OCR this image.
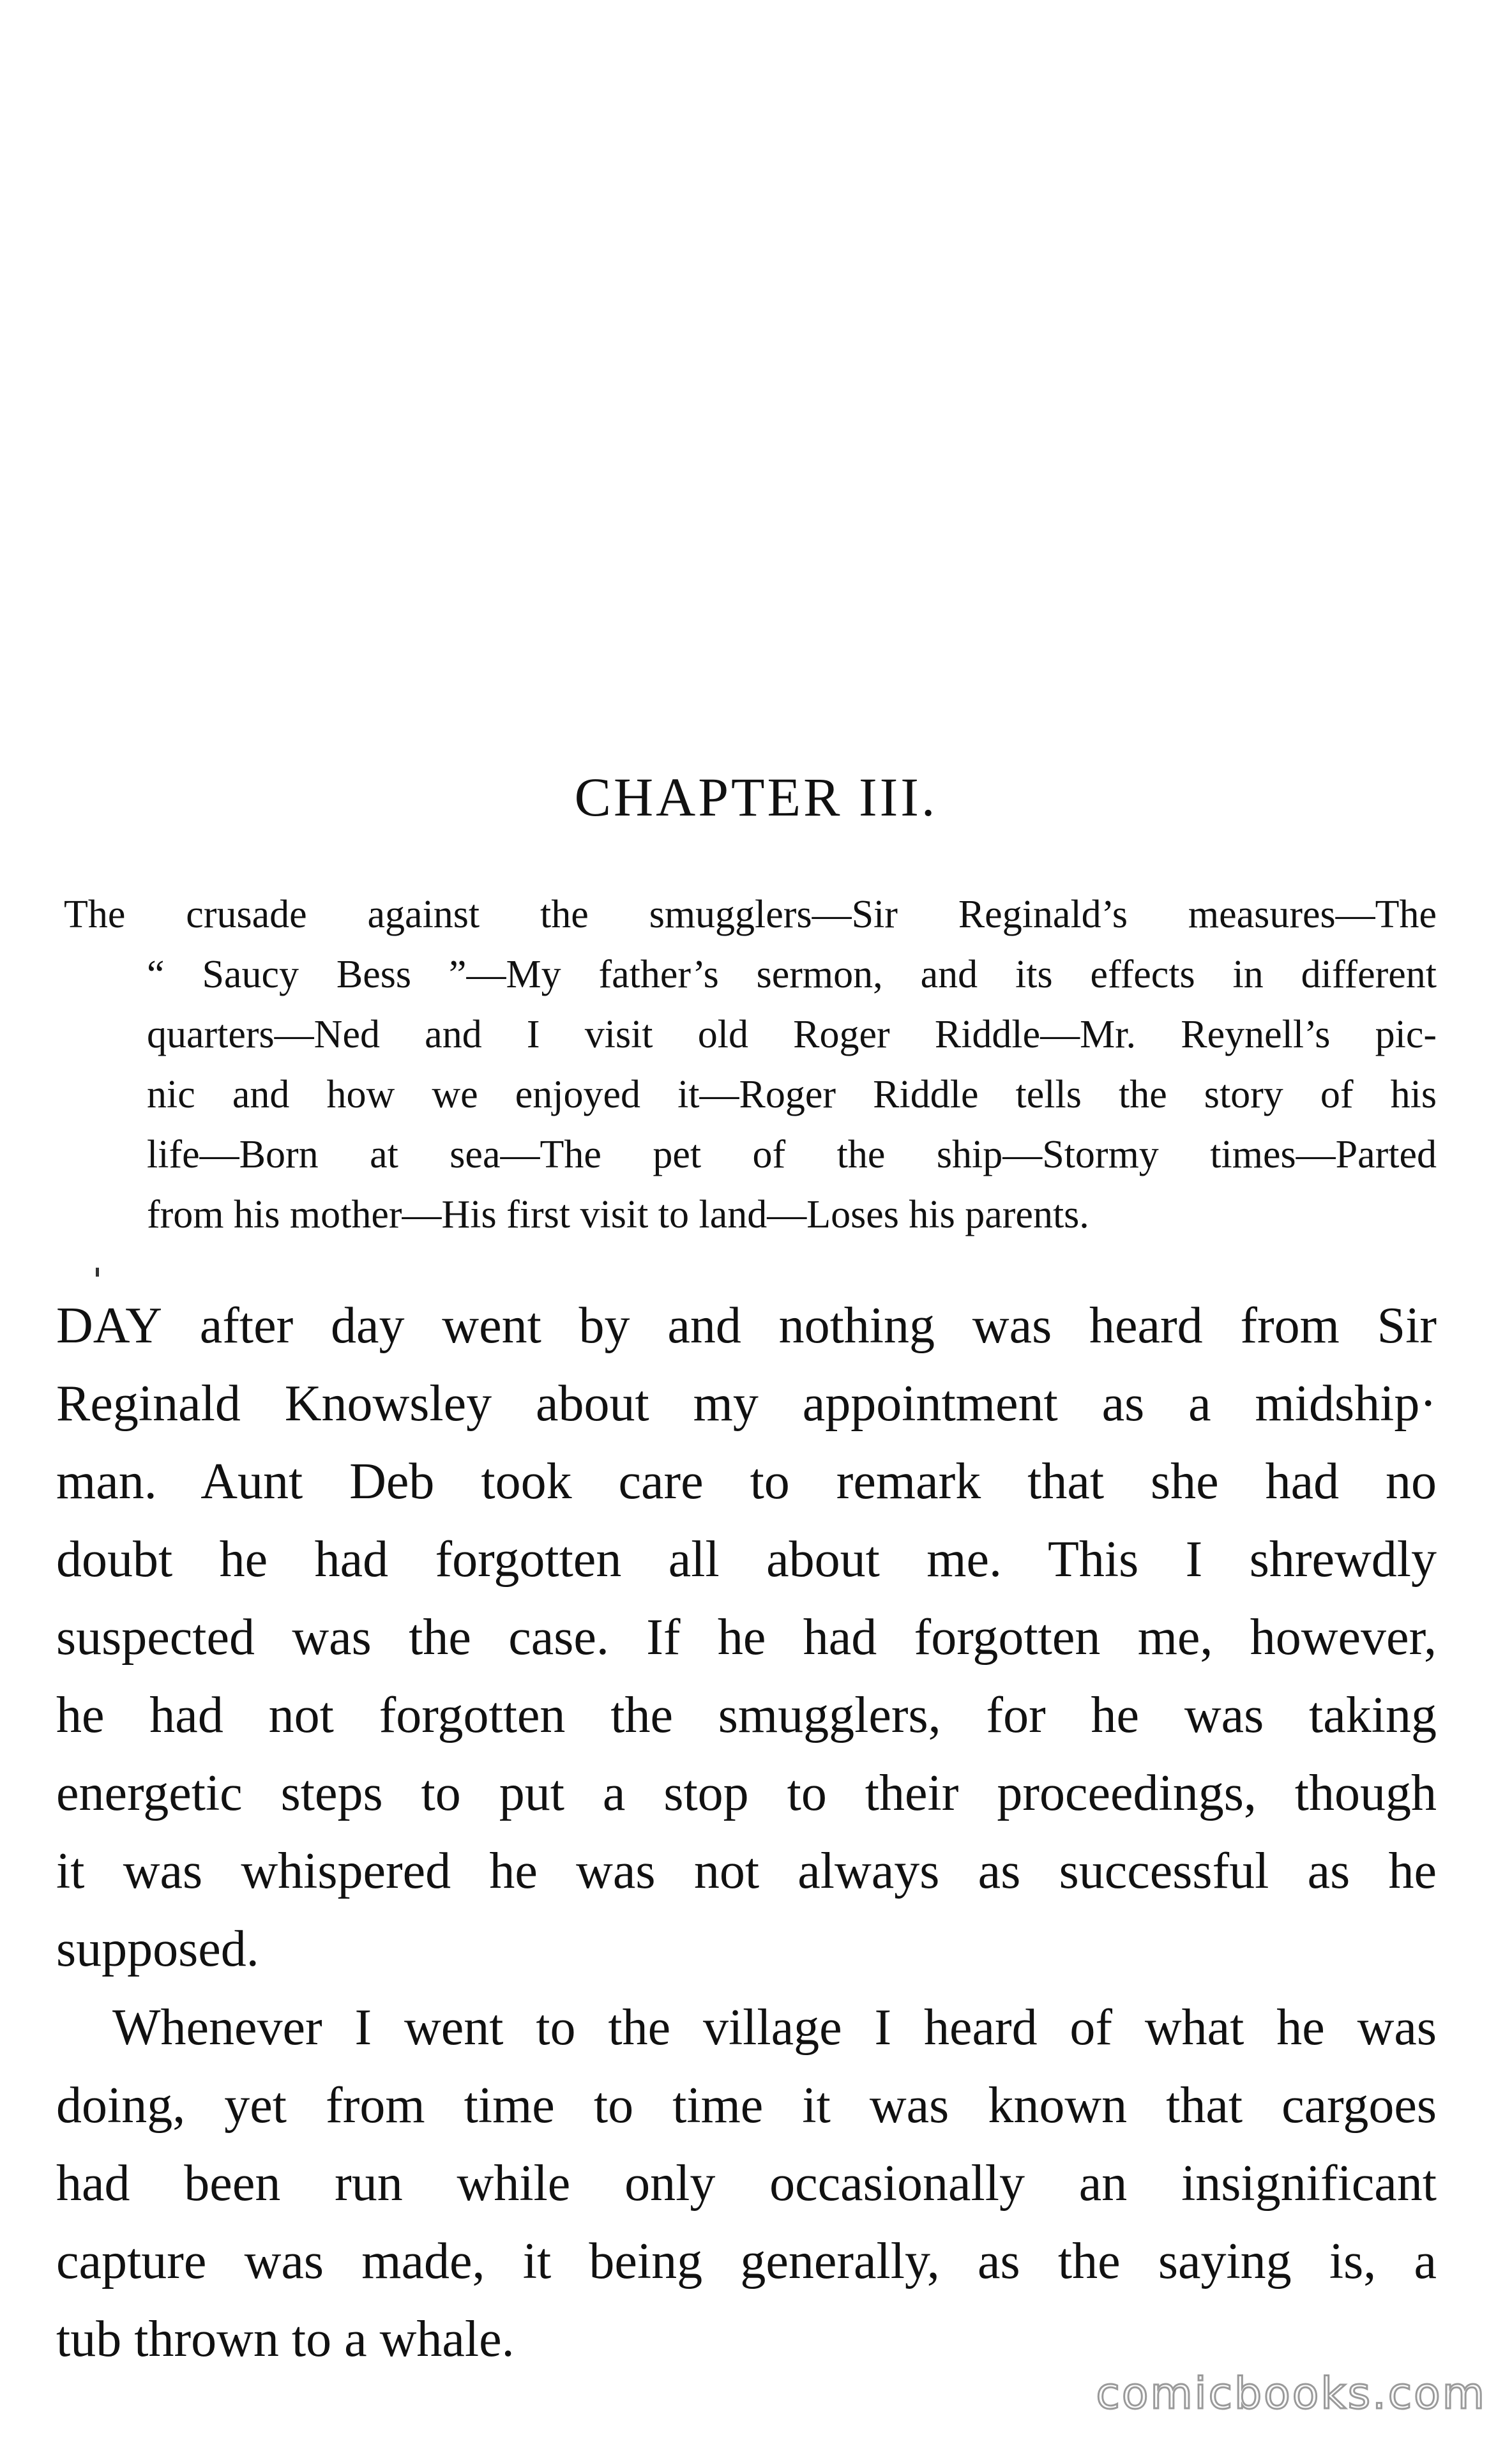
CHAPTER III.
The crusade against the smugglers—Sir Reginald’s measures—The
“ Saucy Bess ”—My father’s sermon, and its effects in different
quarters—Ned and I visit old Roger Riddle—Mr. Reynell’s pic-
nic and how we enjoyed it—Roger Riddle tells the story of his
life—Born at sea—The pet of the ship—Stormy times—Parted
from his mother—His first visit to land—Loses his parents.
DAY after day went by and nothing was heard from Sir
Reginald Knowsley about my appointment as a midship·
man. Aunt Deb took care to remark that she had no
doubt he had forgotten all about me. This I shrewdly
suspected was the case. If he had forgotten me, however,
he had not forgotten the smugglers, for he was taking
energetic steps to put a stop to their proceedings, though
it was whispered he was not always as successful as he
supposed.
Whenever I went to the village I heard of what he was
doing, yet from time to time it was known that cargoes
had been run while only occasionally an insignificant
capture was made, it being generally, as the saying is, a
tub thrown to a whale.
comicbooks.com
